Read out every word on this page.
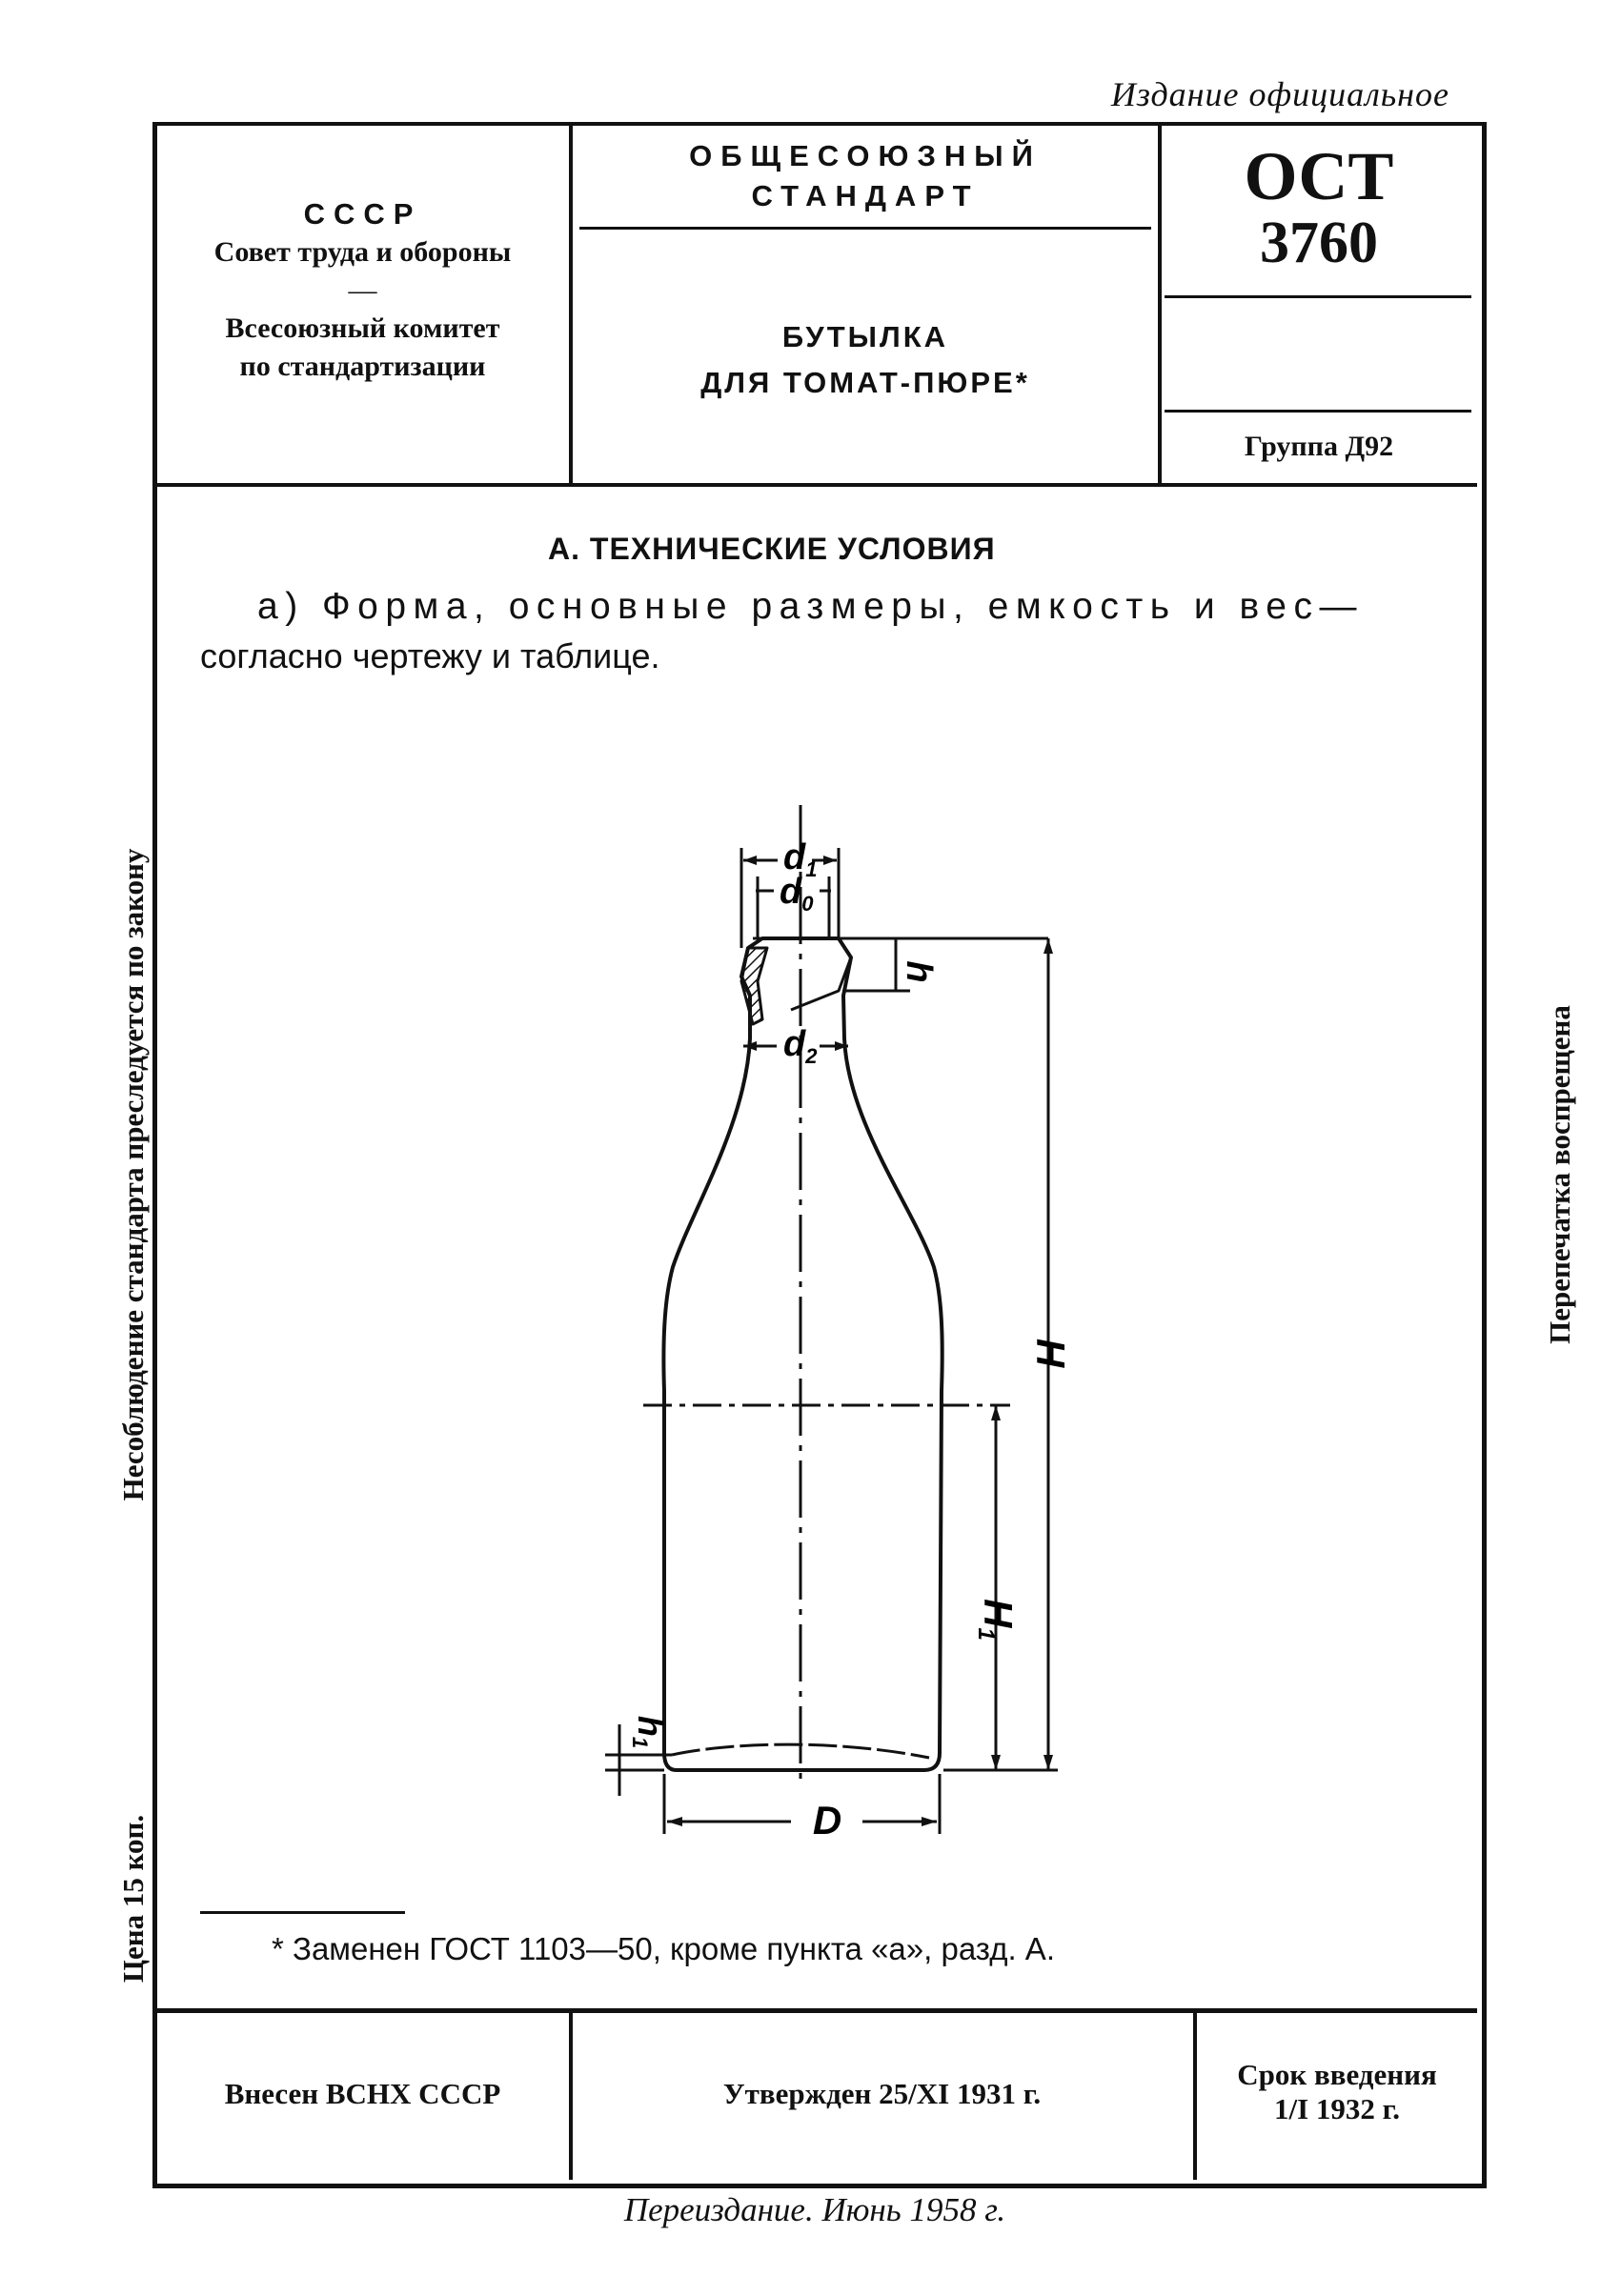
Издание официальное
СССР
Совет труда и обороны
—
Всесоюзный комитет
по стандартизации
ОБЩЕСОЮЗНЫЙ
СТАНДАРТ
БУТЫЛКА
ДЛЯ ТОМАТ-ПЮРЕ*
ОСТ
3760
Группа Д92
А. ТЕХНИЧЕСКИЕ УСЛОВИЯ
а) Форма, основные размеры, емкость и вес—
согласно чертежу и таблице.
$d_1$
$d_0$
h
$d_2$
H
H1
h1
D
* Заменен ГОСТ 1103—50, кроме пункта «а», разд. А.
Внесен ВСНХ СССР	Утвержден 25/XI 1931 г.
Срок введения
1/I 1932 г.
Несоблюдение стандарта преследуется по закону
Цена 15 коп.
Перепечатка воспрещена
Переиздание. Июнь 1958 г.
